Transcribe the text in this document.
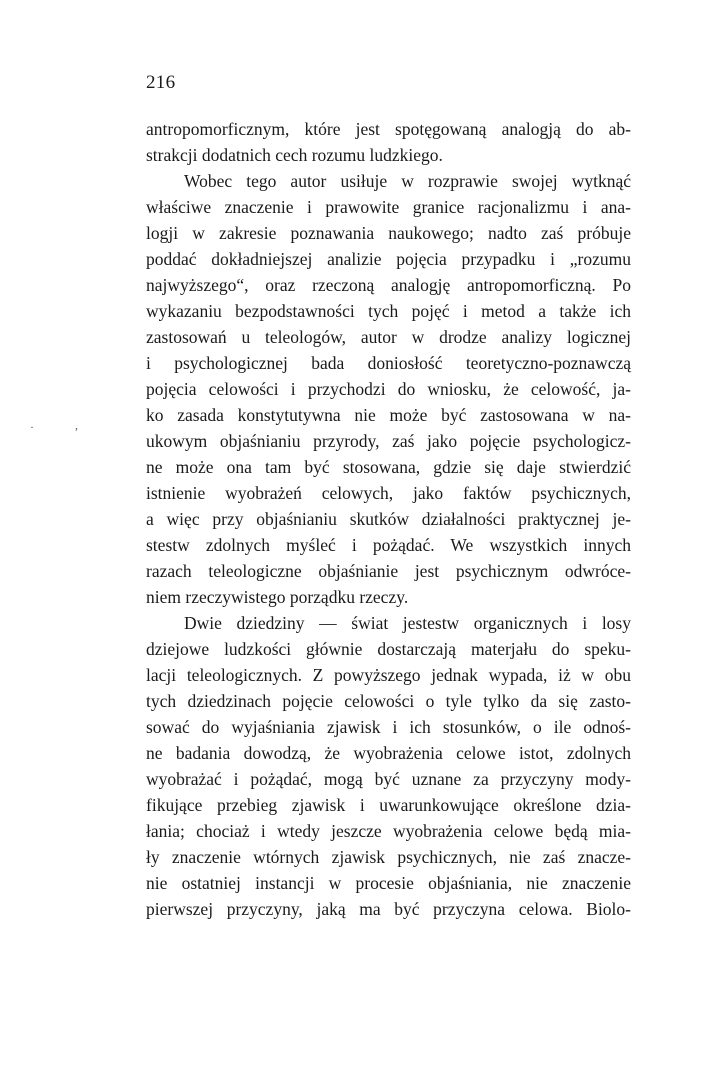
216
antropomorficznym, które jest spotęgowaną analogją do ab-
strakcji dodatnich cech rozumu ludzkiego.
Wobec tego autor usiłuje w rozprawie swojej wytknąć
właściwe znaczenie i prawowite granice racjonalizmu i ana-
logji w zakresie poznawania naukowego; nadto zaś próbuje
poddać dokładniejszej analizie pojęcia przypadku i „rozumu
najwyższego“, oraz rzeczoną analogję antropomorficzną. Po
wykazaniu bezpodstawności tych pojęć i metod a także ich
zastosowań u teleologów, autor w drodze analizy logicznej
i psychologicznej bada doniosłość teoretyczno-poznawczą
pojęcia celowości i przychodzi do wniosku, że celowość, ja-
ko zasada konstytutywna nie może być zastosowana w na-
ukowym objaśnianiu przyrody, zaś jako pojęcie psychologicz-
ne może ona tam być stosowana, gdzie się daje stwierdzić
istnienie wyobrażeń celowych, jako faktów psychicznych,
a więc przy objaśnianiu skutków działalności praktycznej je-
stestw zdolnych myśleć i pożądać. We wszystkich innych
razach teleologiczne objaśnianie jest psychicznym odwróce-
niem rzeczywistego porządku rzeczy.
Dwie dziedziny — świat jestestw organicznych i losy
dziejowe ludzkości głównie dostarczają materjału do speku-
lacji teleologicznych. Z powyższego jednak wypada, iż w obu
tych dziedzinach pojęcie celowości o tyle tylko da się zasto-
sować do wyjaśniania zjawisk i ich stosunków, o ile odnoś-
ne badania dowodzą, że wyobrażenia celowe istot, zdolnych
wyobrażać i pożądać, mogą być uznane za przyczyny mody-
fikujące przebieg zjawisk i uwarunkowujące określone dzia-
łania; chociaż i wtedy jeszcze wyobrażenia celowe będą mia-
ły znaczenie wtórnych zjawisk psychicznych, nie zaś znacze-
nie ostatniej instancji w procesie objaśniania, nie znaczenie
pierwszej przyczyny, jaką ma być przyczyna celowa. Biolo-
·	,
